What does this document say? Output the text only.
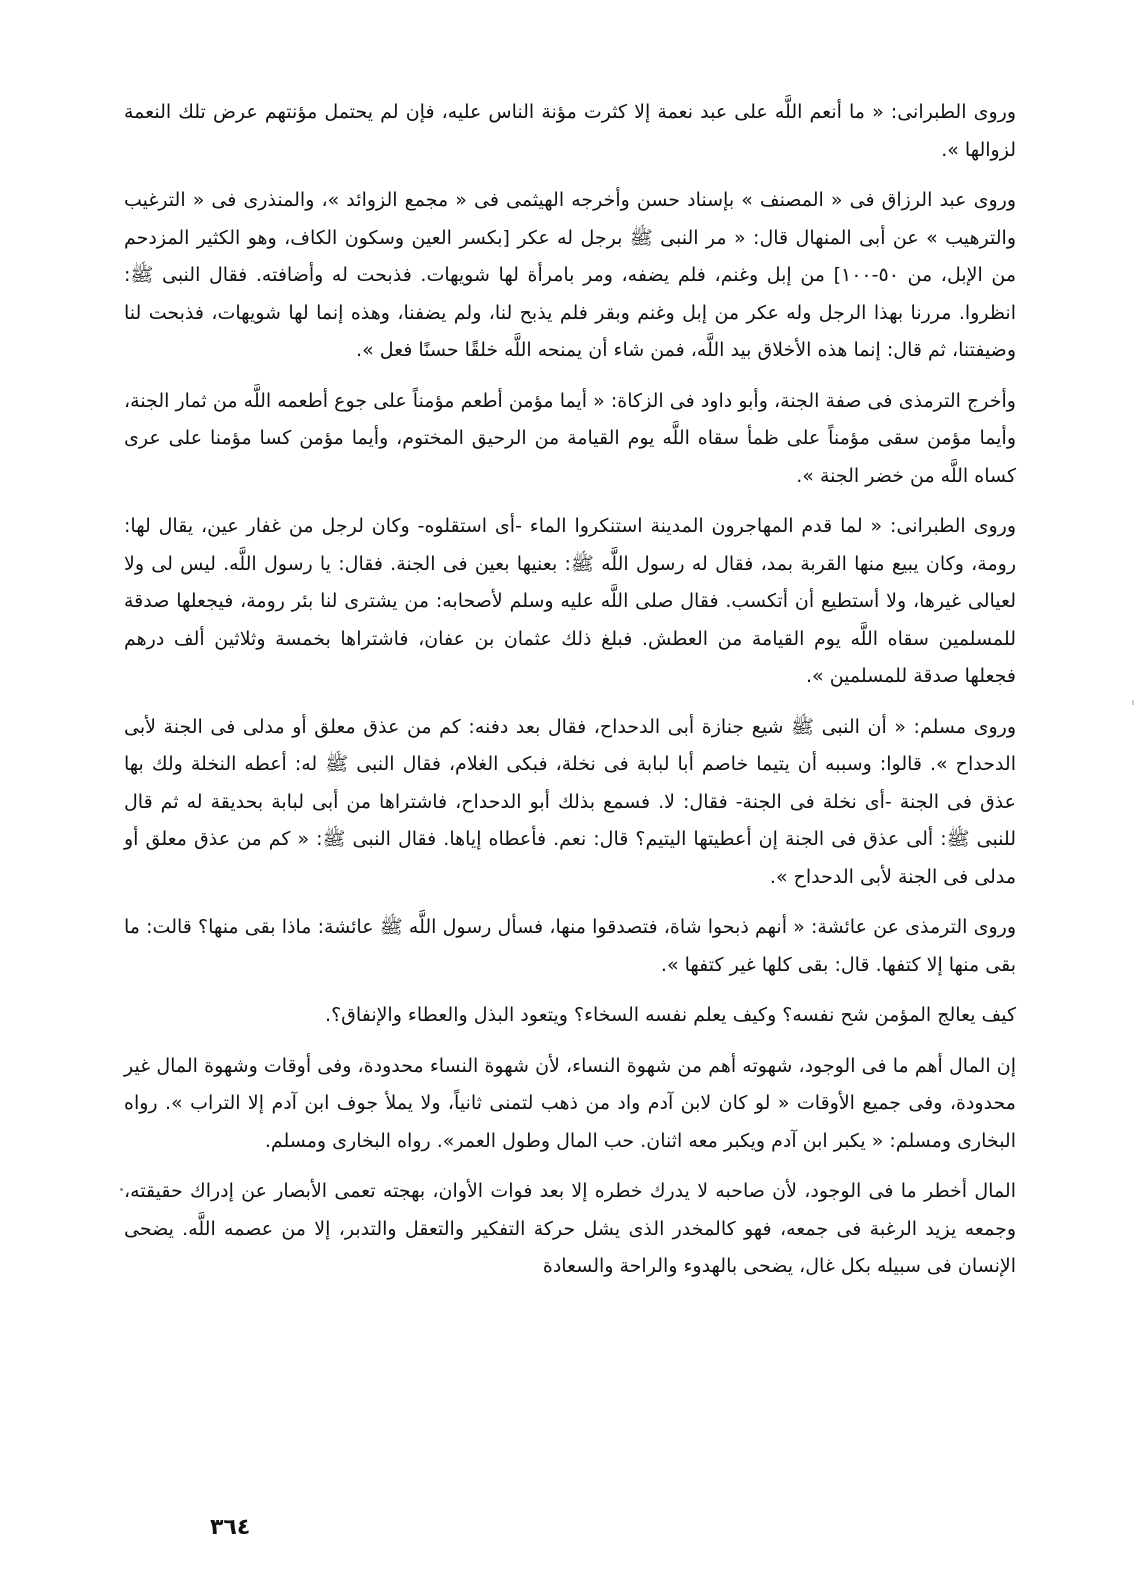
وروى الطبرانى: « ما أنعم اللَّه على عبد نعمة إلا كثرت مؤنة الناس عليه، فإن لم يحتمل مؤنتهم عرض تلك النعمة لزوالها ».

وروى عبد الرزاق فى « المصنف » بإسناد حسن وأخرجه الهيثمى فى « مجمع الزوائد »، والمنذرى فى « الترغيب والترهيب » عن أبى المنهال قال: « مر النبى ﷺ برجل له عكر [بكسر العين وسكون الكاف، وهو الكثير المزدحم من الإبل، من ٥٠-١٠٠] من إبل وغنم، فلم يضفه، ومر بامرأة لها شويهات. فذبحت له وأضافته. فقال النبى ﷺ: انظروا. مررنا بهذا الرجل وله عكر من إبل وغنم وبقر فلم يذبح لنا، ولم يضفنا، وهذه إنما لها شويهات، فذبحت لنا وضيفتنا، ثم قال: إنما هذه الأخلاق بيد اللَّه، فمن شاء أن يمنحه اللَّه خلقًا حسنًا فعل ».

وأخرج الترمذى فى صفة الجنة، وأبو داود فى الزكاة: « أيما مؤمن أطعم مؤمناً على جوع أطعمه اللَّه من ثمار الجنة، وأيما مؤمن سقى مؤمناً على ظمأ سقاه اللَّه يوم القيامة من الرحيق المختوم، وأيما مؤمن كسا مؤمنا على عرى كساه اللَّه من خضر الجنة ».

وروى الطبرانى: « لما قدم المهاجرون المدينة استنكروا الماء -أى استقلوه- وكان لرجل من غفار عين، يقال لها: رومة، وكان يبيع منها القربة بمد، فقال له رسول اللَّه ﷺ: بعنيها بعين فى الجنة. فقال: يا رسول اللَّه. ليس لى ولا لعيالى غيرها، ولا أستطيع أن أتكسب. فقال صلى اللَّه عليه وسلم لأصحابه: من يشترى لنا بئر رومة، فيجعلها صدقة للمسلمين سقاه اللَّه يوم القيامة من العطش. فبلغ ذلك عثمان بن عفان، فاشتراها بخمسة وثلاثين ألف درهم فجعلها صدقة للمسلمين ».

وروى مسلم: « أن النبى ﷺ شيع جنازة أبى الدحداح، فقال بعد دفنه: كم من عذق معلق أو مدلى فى الجنة لأبى الدحداح ». قالوا: وسببه أن يتيما خاصم أبا لبابة فى نخلة، فبكى الغلام، فقال النبى ﷺ له: أعطه النخلة ولك بها عذق فى الجنة -أى نخلة فى الجنة- فقال: لا. فسمع بذلك أبو الدحداح، فاشتراها من أبى لبابة بحديقة له ثم قال للنبى ﷺ: ألى عذق فى الجنة إن أعطيتها اليتيم؟ قال: نعم. فأعطاه إياها. فقال النبى ﷺ: « كم من عذق معلق أو مدلى فى الجنة لأبى الدحداح ».

وروى الترمذى عن عائشة: « أنهم ذبحوا شاة، فتصدقوا منها، فسأل رسول اللَّه ﷺ عائشة: ماذا بقى منها؟ قالت: ما بقى منها إلا كتفها. قال: بقى كلها غير كتفها ».

كيف يعالج المؤمن شح نفسه؟ وكيف يعلم نفسه السخاء؟ ويتعود البذل والعطاء والإنفاق؟.

إن المال أهم ما فى الوجود، شهوته أهم من شهوة النساء، لأن شهوة النساء محدودة، وفى أوقات وشهوة المال غير محدودة، وفى جميع الأوقات « لو كان لابن آدم واد من ذهب لتمنى ثانياً، ولا يملأ جوف ابن آدم إلا التراب ». رواه البخارى ومسلم: « يكبر ابن آدم ويكبر معه اثنان. حب المال وطول العمر». رواه البخارى ومسلم.

المال أخطر ما فى الوجود، لأن صاحبه لا يدرك خطره إلا بعد فوات الأوان، بهجته تعمى الأبصار عن إدراك حقيقته، وجمعه يزيد الرغبة فى جمعه، فهو كالمخدر الذى يشل حركة التفكير والتعقل والتدبر، إلا من عصمه اللَّه. يضحى الإنسان فى سبيله بكل غال، يضحى بالهدوء والراحة والسعادة

٣٦٤
